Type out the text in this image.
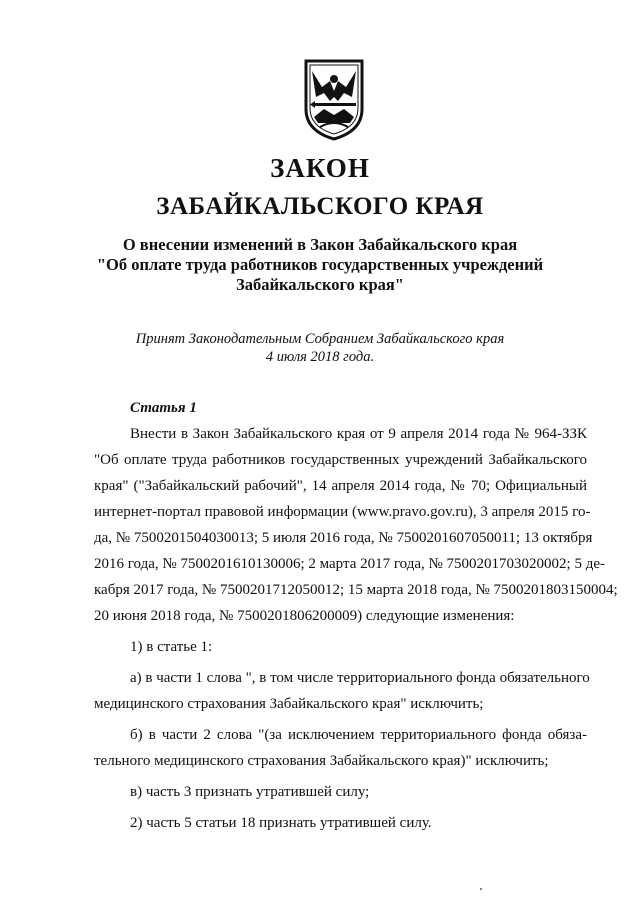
ЗАКОН
ЗАБАЙКАЛЬСКОГО КРАЯ
О внесении изменений в Закон Забайкальского края
"Об оплате труда работников государственных учреждений
Забайкальского края"
Принят Законодательным Собранием Забайкальского края
4 июля 2018 года.
Статья 1

Внести в Закон Забайкальского края от 9 апреля 2014 года № 964-ЗЗК
"Об оплате труда работников государственных учреждений Забайкальского
края" ("Забайкальский рабочий", 14 апреля 2014 года, № 70; Официальный
интернет-портал правовой информации (www.pravo.gov.ru), 3 апреля 2015 го-
да, № 7500201504030013; 5 июля 2016 года, № 7500201607050011; 13 октября
2016 года, № 7500201610130006; 2 марта 2017 года, № 7500201703020002; 5 де-
кабря 2017 года, № 7500201712050012; 15 марта 2018 года, № 7500201803150004;
20 июня 2018 года, № 7500201806200009) следующие изменения:

1) в статье 1:

а) в части 1 слова ", в том числе территориального фонда обязательного
медицинского страхования Забайкальского края" исключить;

б) в части 2 слова "(за исключением территориального фонда обяза-
тельного медицинского страхования Забайкальского края)" исключить;

в) часть 3 признать утратившей силу;

2) часть 5 статьи 18 признать утратившей силу.
